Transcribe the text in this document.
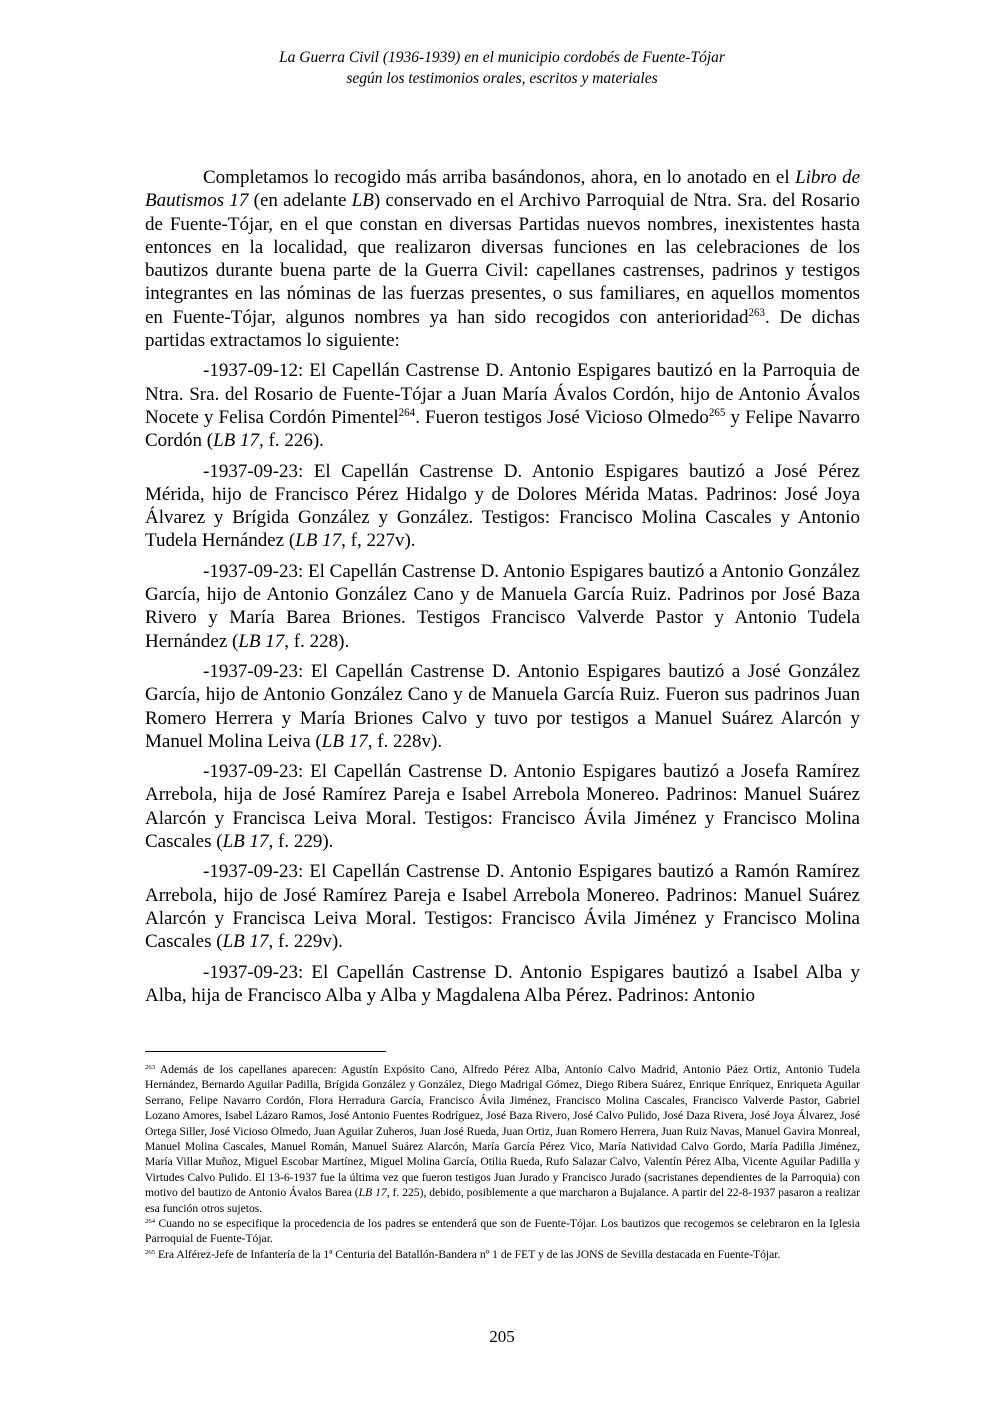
La Guerra Civil (1936-1939) en el municipio cordobés de Fuente-Tójar
según los testimonios orales, escritos y materiales

Completamos lo recogido más arriba basándonos, ahora, en lo anotado en el Libro de Bautismos 17 (en adelante LB) conservado en el Archivo Parroquial de Ntra. Sra. del Rosario de Fuente-Tójar, en el que constan en diversas Partidas nuevos nombres, inexistentes hasta entonces en la localidad, que realizaron diversas funciones en las celebraciones de los bautizos durante buena parte de la Guerra Civil: capellanes castrenses, padrinos y testigos integrantes en las nóminas de las fuerzas presentes, o sus familiares, en aquellos momentos en Fuente-Tójar, algunos nombres ya han sido recogidos con anterioridad$^{263}$. De dichas partidas extractamos lo siguiente:

-1937-09-12: El Capellán Castrense D. Antonio Espigares bautizó en la Parroquia de Ntra. Sra. del Rosario de Fuente-Tójar a Juan María Ávalos Cordón, hijo de Antonio Ávalos Nocete y Felisa Cordón Pimentel$^{264}$. Fueron testigos José Vicioso Olmedo$^{265}$ y Felipe Navarro Cordón (LB 17, f. 226).

-1937-09-23: El Capellán Castrense D. Antonio Espigares bautizó a José Pérez Mérida, hijo de Francisco Pérez Hidalgo y de Dolores Mérida Matas. Padrinos: José Joya Álvarez y Brígida González y González. Testigos: Francisco Molina Cascales y Antonio Tudela Hernández (LB 17, f, 227v).

-1937-09-23: El Capellán Castrense D. Antonio Espigares bautizó a Antonio González García, hijo de Antonio González Cano y de Manuela García Ruiz. Padrinos por José Baza Rivero y María Barea Briones. Testigos Francisco Valverde Pastor y Antonio Tudela Hernández (LB 17, f. 228).

-1937-09-23: El Capellán Castrense D. Antonio Espigares bautizó a José González García, hijo de Antonio González Cano y de Manuela García Ruiz. Fueron sus padrinos Juan Romero Herrera y María Briones Calvo y tuvo por testigos a Manuel Suárez Alarcón y Manuel Molina Leiva (LB 17, f. 228v).

-1937-09-23: El Capellán Castrense D. Antonio Espigares bautizó a Josefa Ramírez Arrebola, hija de José Ramírez Pareja e Isabel Arrebola Monereo. Padrinos: Manuel Suárez Alarcón y Francisca Leiva Moral. Testigos: Francisco Ávila Jiménez y Francisco Molina Cascales (LB 17, f. 229).

-1937-09-23: El Capellán Castrense D. Antonio Espigares bautizó a Ramón Ramírez Arrebola, hijo de José Ramírez Pareja e Isabel Arrebola Monereo. Padrinos: Manuel Suárez Alarcón y Francisca Leiva Moral. Testigos: Francisco Ávila Jiménez y Francisco Molina Cascales (LB 17, f. 229v).

-1937-09-23: El Capellán Castrense D. Antonio Espigares bautizó a Isabel Alba y Alba, hija de Francisco Alba y Alba y Magdalena Alba Pérez. Padrinos: Antonio

$^{263}$ Además de los capellanes aparecen: Agustín Expósito Cano, Alfredo Pérez Alba, Antonio Calvo Madrid, Antonio Páez Ortiz, Antonio Tudela Hernández, Bernardo Aguilar Padilla, Brígida González y González, Diego Madrigal Gómez, Diego Ribera Suárez, Enrique Enríquez, Enriqueta Aguilar Serrano, Felipe Navarro Cordón, Flora Herradura García, Francisco Ávila Jiménez, Francisco Molina Cascales, Francisco Valverde Pastor, Gabriel Lozano Amores, Isabel Lázaro Ramos, José Antonio Fuentes Rodríguez, José Baza Rivero, José Calvo Pulido, José Daza Rivera, José Joya Álvarez, José Ortega Siller, José Vicioso Olmedo, Juan Aguilar Zuheros, Juan José Rueda, Juan Ortiz, Juan Romero Herrera, Juan Ruiz Navas, Manuel Gavira Monreal, Manuel Molina Cascales, Manuel Román, Manuel Suárez Alarcón, María García Pérez Vico, María Natividad Calvo Gordo, María Padilla Jiménez, María Villar Muñoz, Miguel Escobar Martínez, Miguel Molina García, Otilia Rueda, Rufo Salazar Calvo, Valentín Pérez Alba, Vicente Aguilar Padilla y Virtudes Calvo Pulido. El 13-6-1937 fue la última vez que fueron testigos Juan Jurado y Francisco Jurado (sacristanes dependientes de la Parroquia) con motivo del bautizo de Antonio Ávalos Barea (LB 17, f. 225), debido, posiblemente a que marcharon a Bujalance. A partir del 22-8-1937 pasaron a realizar esa función otros sujetos.

$^{264}$ Cuando no se especifique la procedencia de los padres se entenderá que son de Fuente-Tójar. Los bautizos que recogemos se celebraron en la Iglesia Parroquial de Fuente-Tójar.

$^{265}$ Era Alférez-Jefe de Infantería de la 1ª Centuria del Batallón-Bandera nº 1 de FET y de las JONS de Sevilla destacada en Fuente-Tójar.

205
